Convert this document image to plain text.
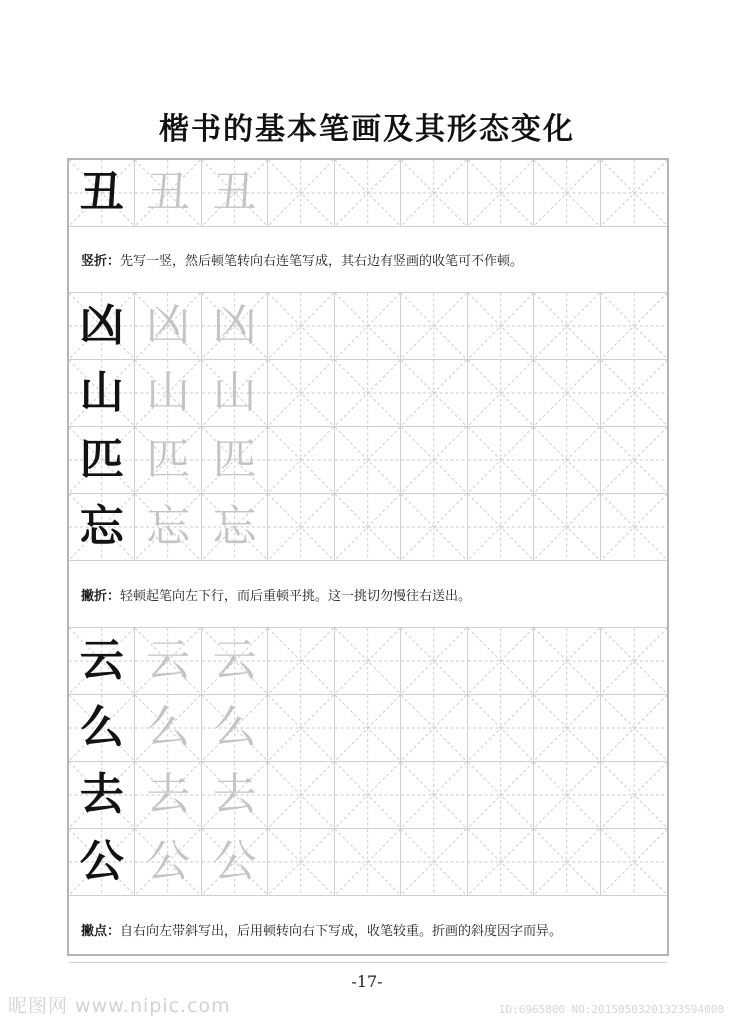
楷书的基本笔画及其形态变化
丑 丑 丑
竖折： 先写一竖，然后顿笔转向右连笔写成，其右边有竖画的收笔可不作顿。
凶 凶 凶
山 山 山
匹 匹 匹
忘 忘 忘
撇折： 轻顿起笔向左下行，而后重顿平挑。这一挑切勿慢往右送出。
云 云 云
么 么 么
去 去 去
公 公 公
撇点： 自右向左带斜写出，后用顿转向右下写成，收笔较重。折画的斜度因字而异。
-17-
昵图网 www.nipic.com	ID:6965800 NO:20150503201323594000
